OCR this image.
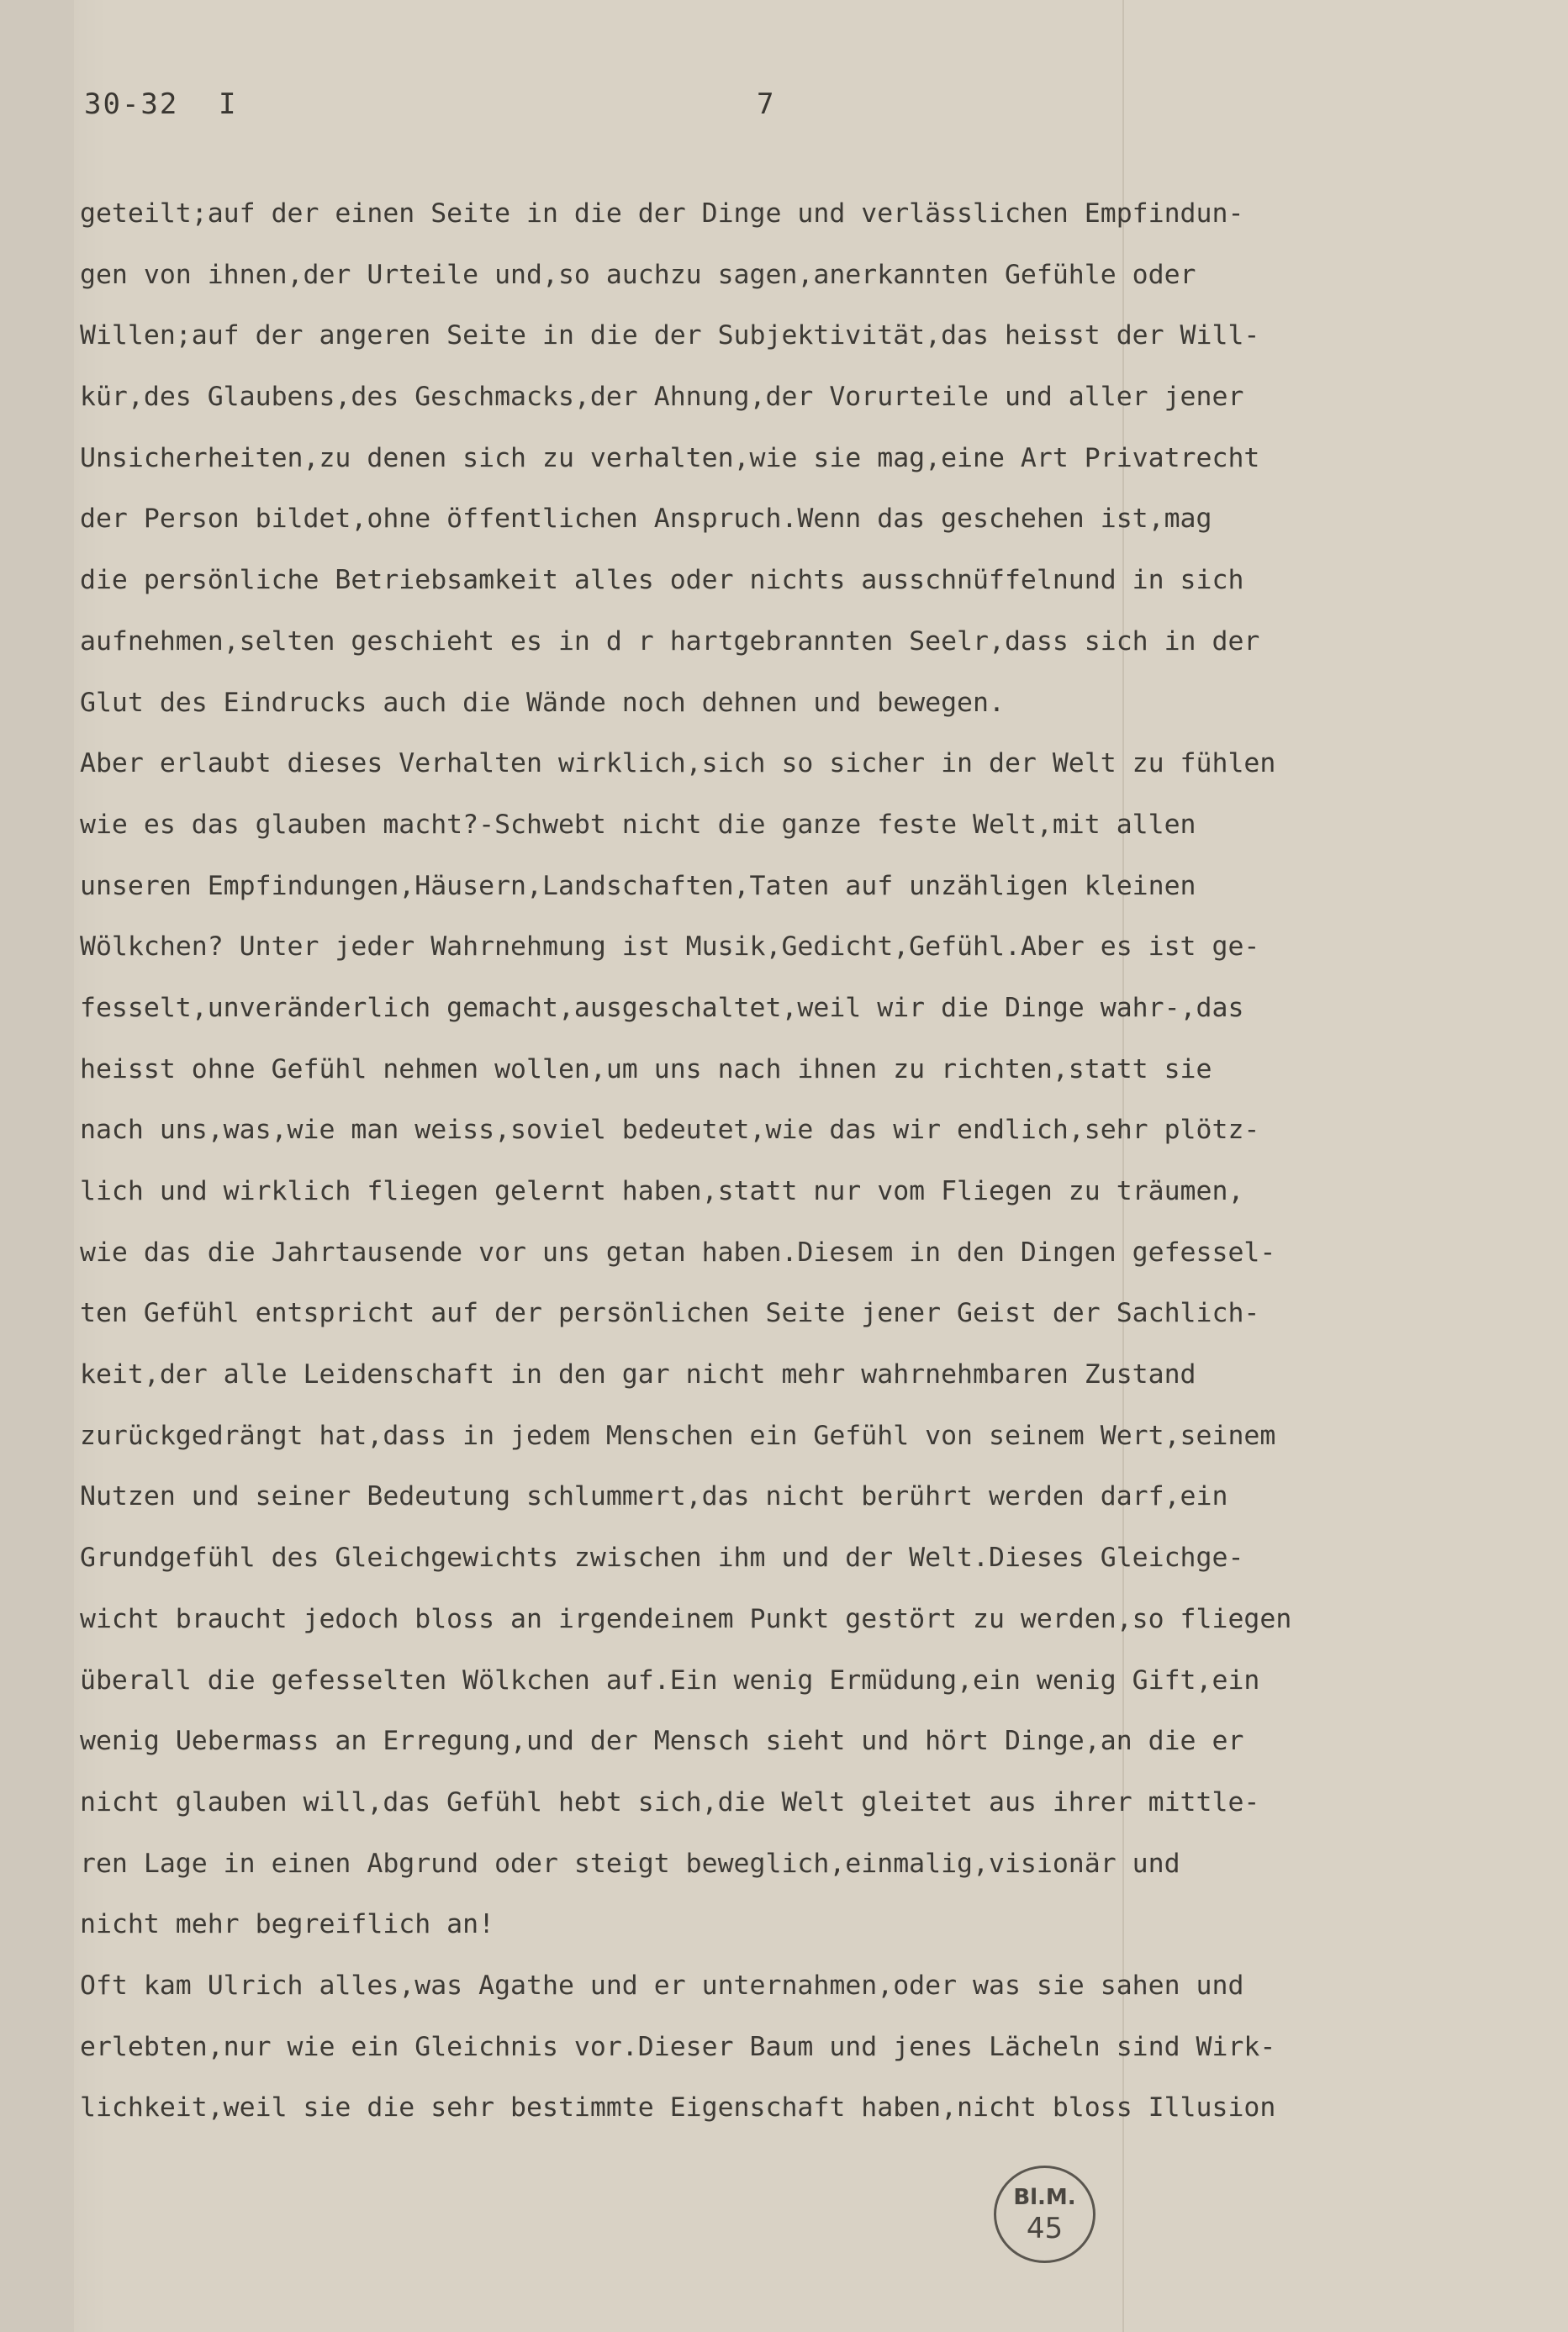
30-32 I	7
geteilt;auf der einen Seite in die der Dinge und verlässlichen Empfindun-
gen von ihnen,der Urteile und,so auchzu sagen,anerkannten Gefühle oder
Willen;auf der angeren Seite in die der Subjektivität,das heisst der Will-
kür,des Glaubens,des Geschmacks,der Ahnung,der Vorurteile und aller jener
Unsicherheiten,zu denen sich zu verhalten,wie sie mag,eine Art Privatrecht
der Person bildet,ohne öffentlichen Anspruch.Wenn das geschehen ist,mag
die persönliche Betriebsamkeit alles oder nichts ausschnüffelnund in sich
aufnehmen,selten geschieht es in d r hartgebrannten Seelr,dass sich in der
Glut des Eindrucks auch die Wände noch dehnen und bewegen.
Aber erlaubt dieses Verhalten wirklich,sich so sicher in der Welt zu fühlen
wie es das glauben macht?-Schwebt nicht die ganze feste Welt,mit allen
unseren Empfindungen,Häusern,Landschaften,Taten auf unzähligen kleinen
Wölkchen? Unter jeder Wahrnehmung ist Musik,Gedicht,Gefühl.Aber es ist ge-
fesselt,unveränderlich gemacht,ausgeschaltet,weil wir die Dinge wahr-,das
heisst ohne Gefühl nehmen wollen,um uns nach ihnen zu richten,statt sie
nach uns,was,wie man weiss,soviel bedeutet,wie das wir endlich,sehr plötz-
lich und wirklich fliegen gelernt haben,statt nur vom Fliegen zu träumen,
wie das die Jahrtausende vor uns getan haben.Diesem in den Dingen gefessel-
ten Gefühl entspricht auf der persönlichen Seite jener Geist der Sachlich-
keit,der alle Leidenschaft in den gar nicht mehr wahrnehmbaren Zustand
zurückgedrängt hat,dass in jedem Menschen ein Gefühl von seinem Wert,seinem
Nutzen und seiner Bedeutung schlummert,das nicht berührt werden darf,ein
Grundgefühl des Gleichgewichts zwischen ihm und der Welt.Dieses Gleichge-
wicht braucht jedoch bloss an irgendeinem Punkt gestört zu werden,so fliegen
überall die gefesselten Wölkchen auf.Ein wenig Ermüdung,ein wenig Gift,ein
wenig Uebermass an Erregung,und der Mensch sieht und hört Dinge,an die er
nicht glauben will,das Gefühl hebt sich,die Welt gleitet aus ihrer mittle-
ren Lage in einen Abgrund oder steigt beweglich,einmalig,visionär und
nicht mehr begreiflich an!
Oft kam Ulrich alles,was Agathe und er unternahmen,oder was sie sahen und
erlebten,nur wie ein Gleichnis vor.Dieser Baum und jenes Lächeln sind Wirk-
lichkeit,weil sie die sehr bestimmte Eigenschaft haben,nicht bloss Illusion
Bl.M.
45
